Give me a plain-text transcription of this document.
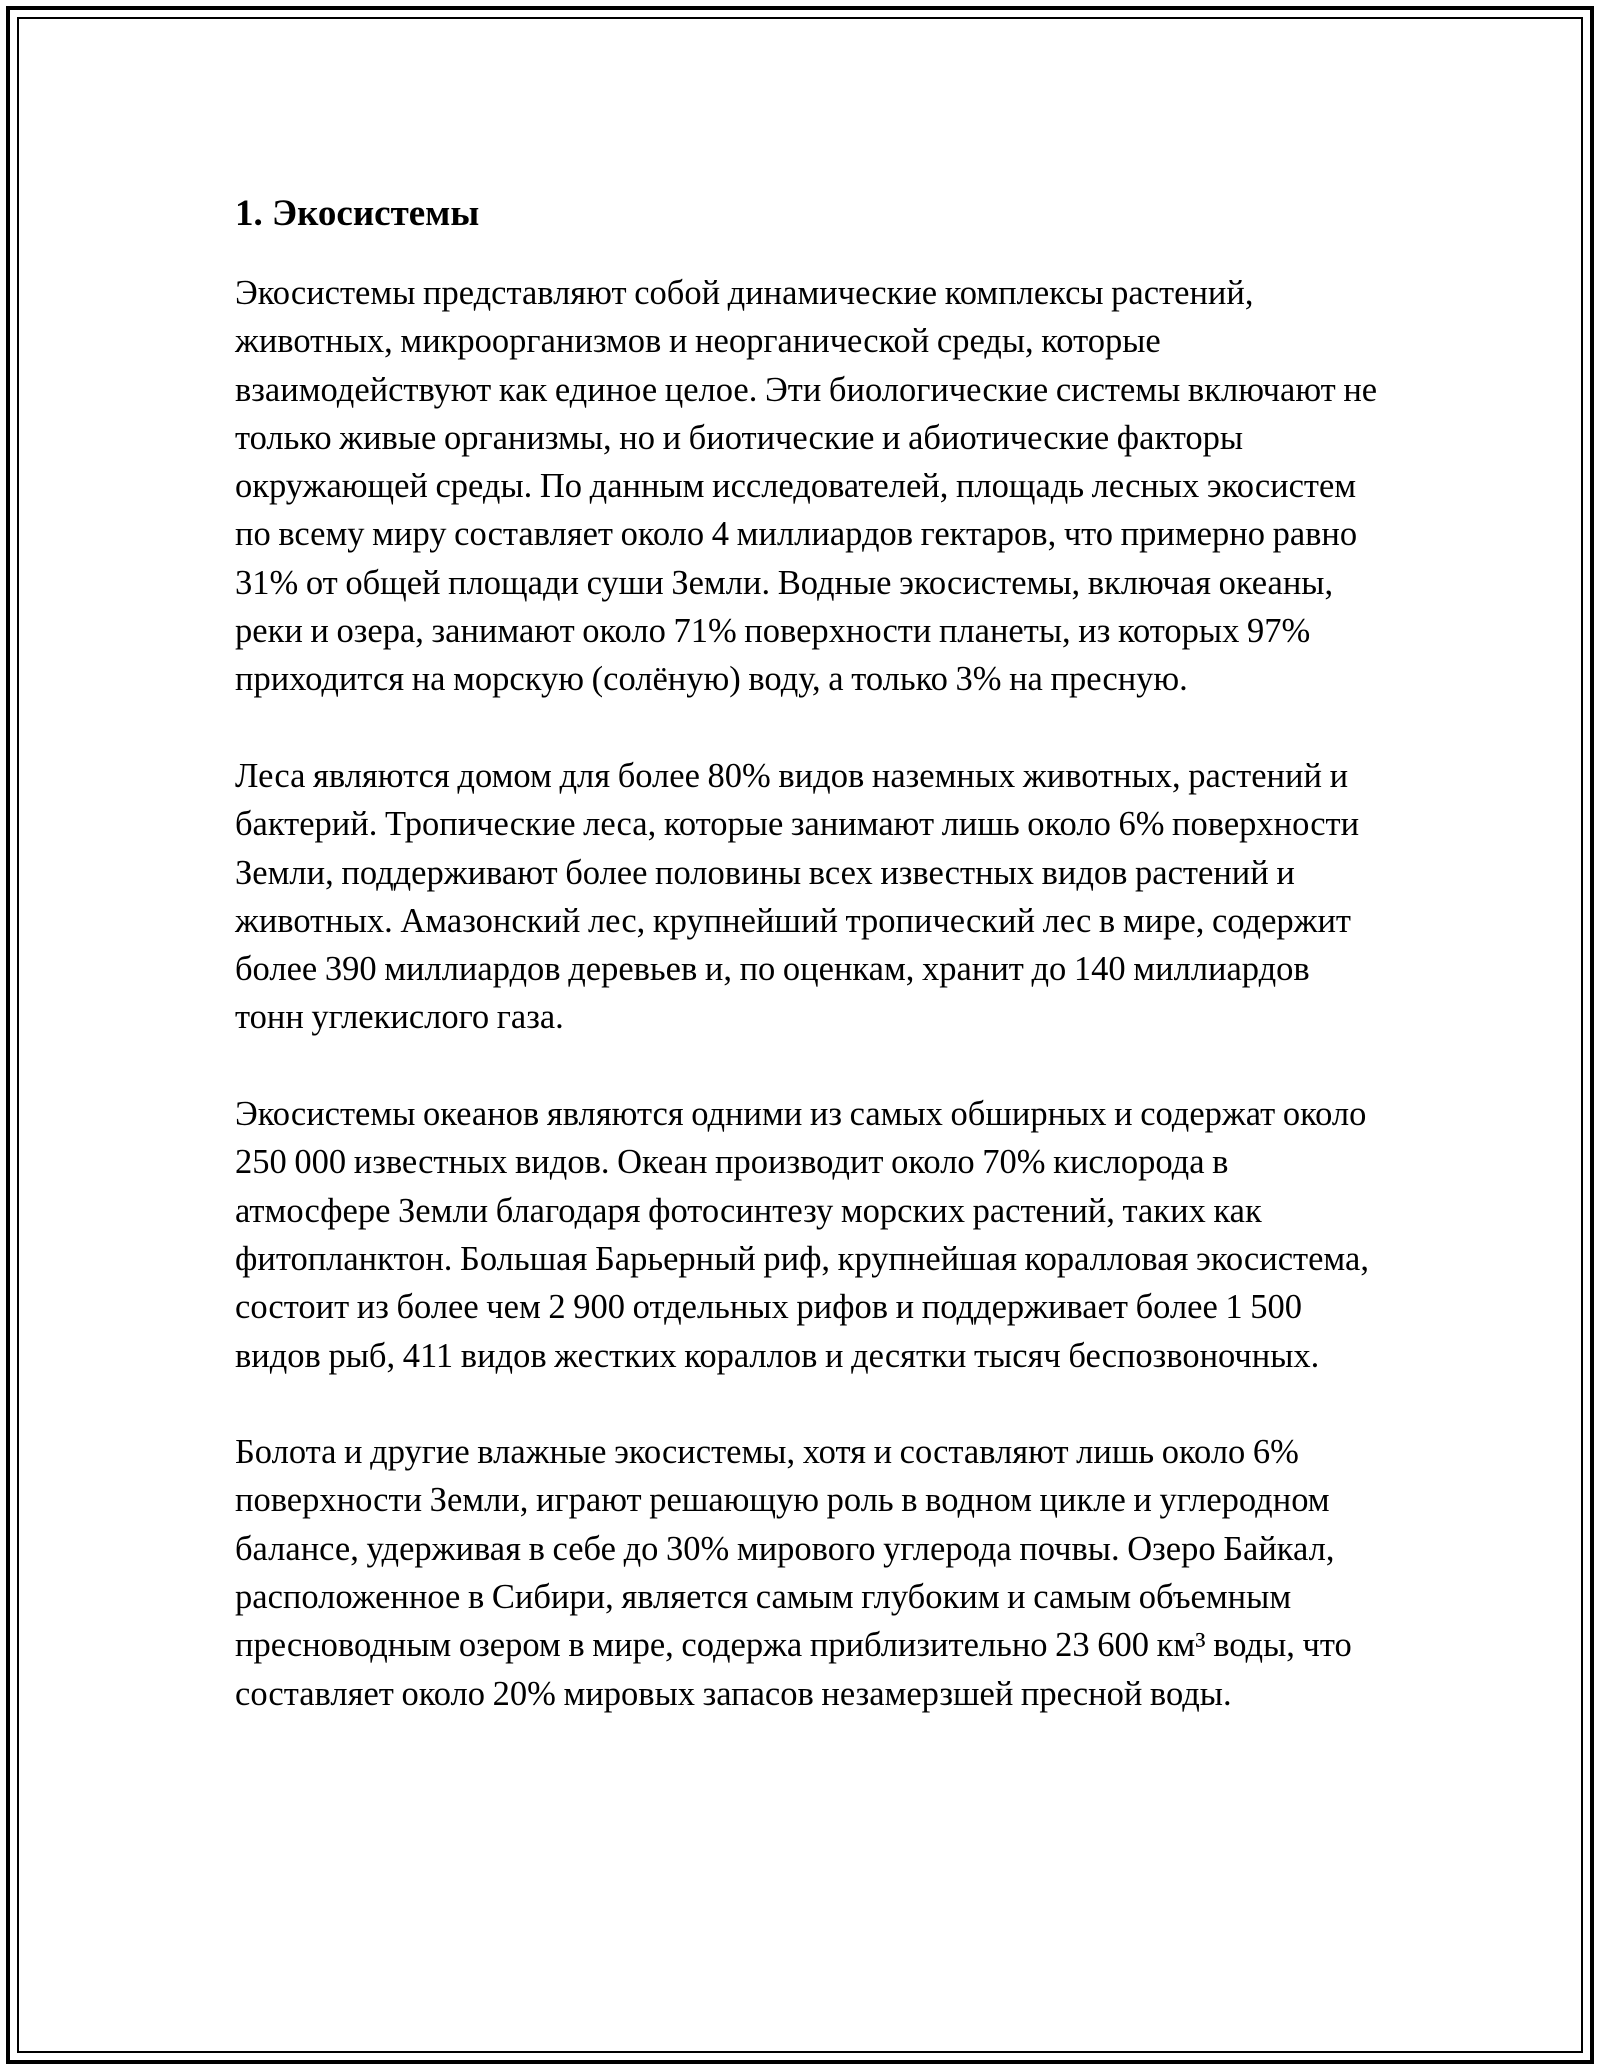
1. Экосистемы

Экосистемы представляют собой динамические комплексы растений, животных, микроорганизмов и неорганической среды, которые взаимодействуют как единое целое. Эти биологические системы включают не только живые организмы, но и биотические и абиотические факторы окружающей среды. По данным исследователей, площадь лесных экосистем по всему миру составляет около 4 миллиардов гектаров, что примерно равно 31% от общей площади суши Земли. Водные экосистемы, включая океаны, реки и озера, занимают около 71% поверхности планеты, из которых 97% приходится на морскую (солёную) воду, а только 3% на пресную.

Леса являются домом для более 80% видов наземных животных, растений и бактерий. Тропические леса, которые занимают лишь около 6% поверхности Земли, поддерживают более половины всех известных видов растений и животных. Амазонский лес, крупнейший тропический лес в мире, содержит более 390 миллиардов деревьев и, по оценкам, хранит до 140 миллиардов тонн углекислого газа.

Экосистемы океанов являются одними из самых обширных и содержат около 250 000 известных видов. Океан производит около 70% кислорода в атмосфере Земли благодаря фотосинтезу морских растений, таких как фитопланктон. Большая Барьерный риф, крупнейшая коралловая экосистема, состоит из более чем 2 900 отдельных рифов и поддерживает более 1 500 видов рыб, 411 видов жестких кораллов и десятки тысяч беспозвоночных.

Болота и другие влажные экосистемы, хотя и составляют лишь около 6% поверхности Земли, играют решающую роль в водном цикле и углеродном балансе, удерживая в себе до 30% мирового углерода почвы. Озеро Байкал, расположенное в Сибири, является самым глубоким и самым объемным пресноводным озером в мире, содержа приблизительно 23 600 км³ воды, что составляет около 20% мировых запасов незамерзшей пресной воды.
